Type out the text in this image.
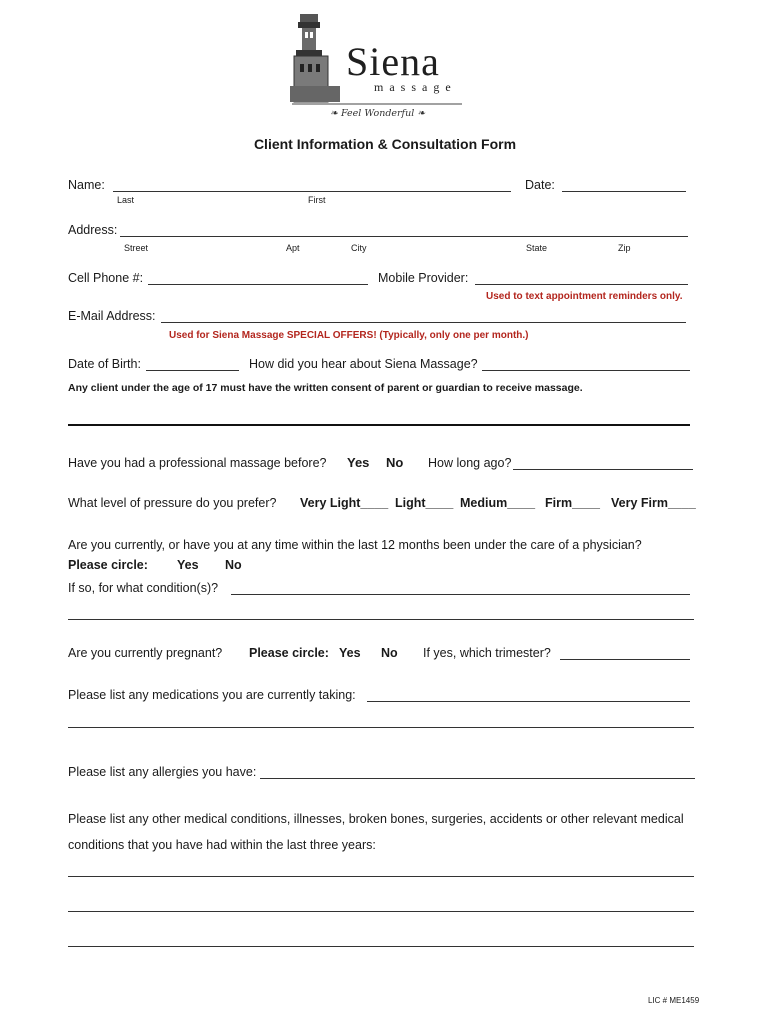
Siena
massage
❧ Feel Wonderful ❧
Client Information & Consultation Form
Name:
Last	First
Date:
Address:
Street	Apt	City	State	Zip
Cell Phone #:	Mobile Provider:
Used to text appointment reminders only.
E-Mail Address:
Used for Siena Massage SPECIAL OFFERS! (Typically, only one per month.)
Date of Birth:	How did you hear about Siena Massage?
Any client under the age of 17 must have the written consent of parent or guardian to receive massage.
Have you had a professional massage before? Yes No How long ago?
What level of pressure do you prefer? Very Light____ Light____ Medium____ Firm____ Very Firm____
Are you currently, or have you at any time within the last 12 months been under the care of a physician?
Please circle: Yes No
If so, for what condition(s)?
Are you currently pregnant? Please circle: Yes No If yes, which trimester?
Please list any medications you are currently taking:
Please list any allergies you have:
Please list any other medical conditions, illnesses, broken bones, surgeries, accidents or other relevant medical
conditions that you have had within the last three years:
LIC # ME1459
